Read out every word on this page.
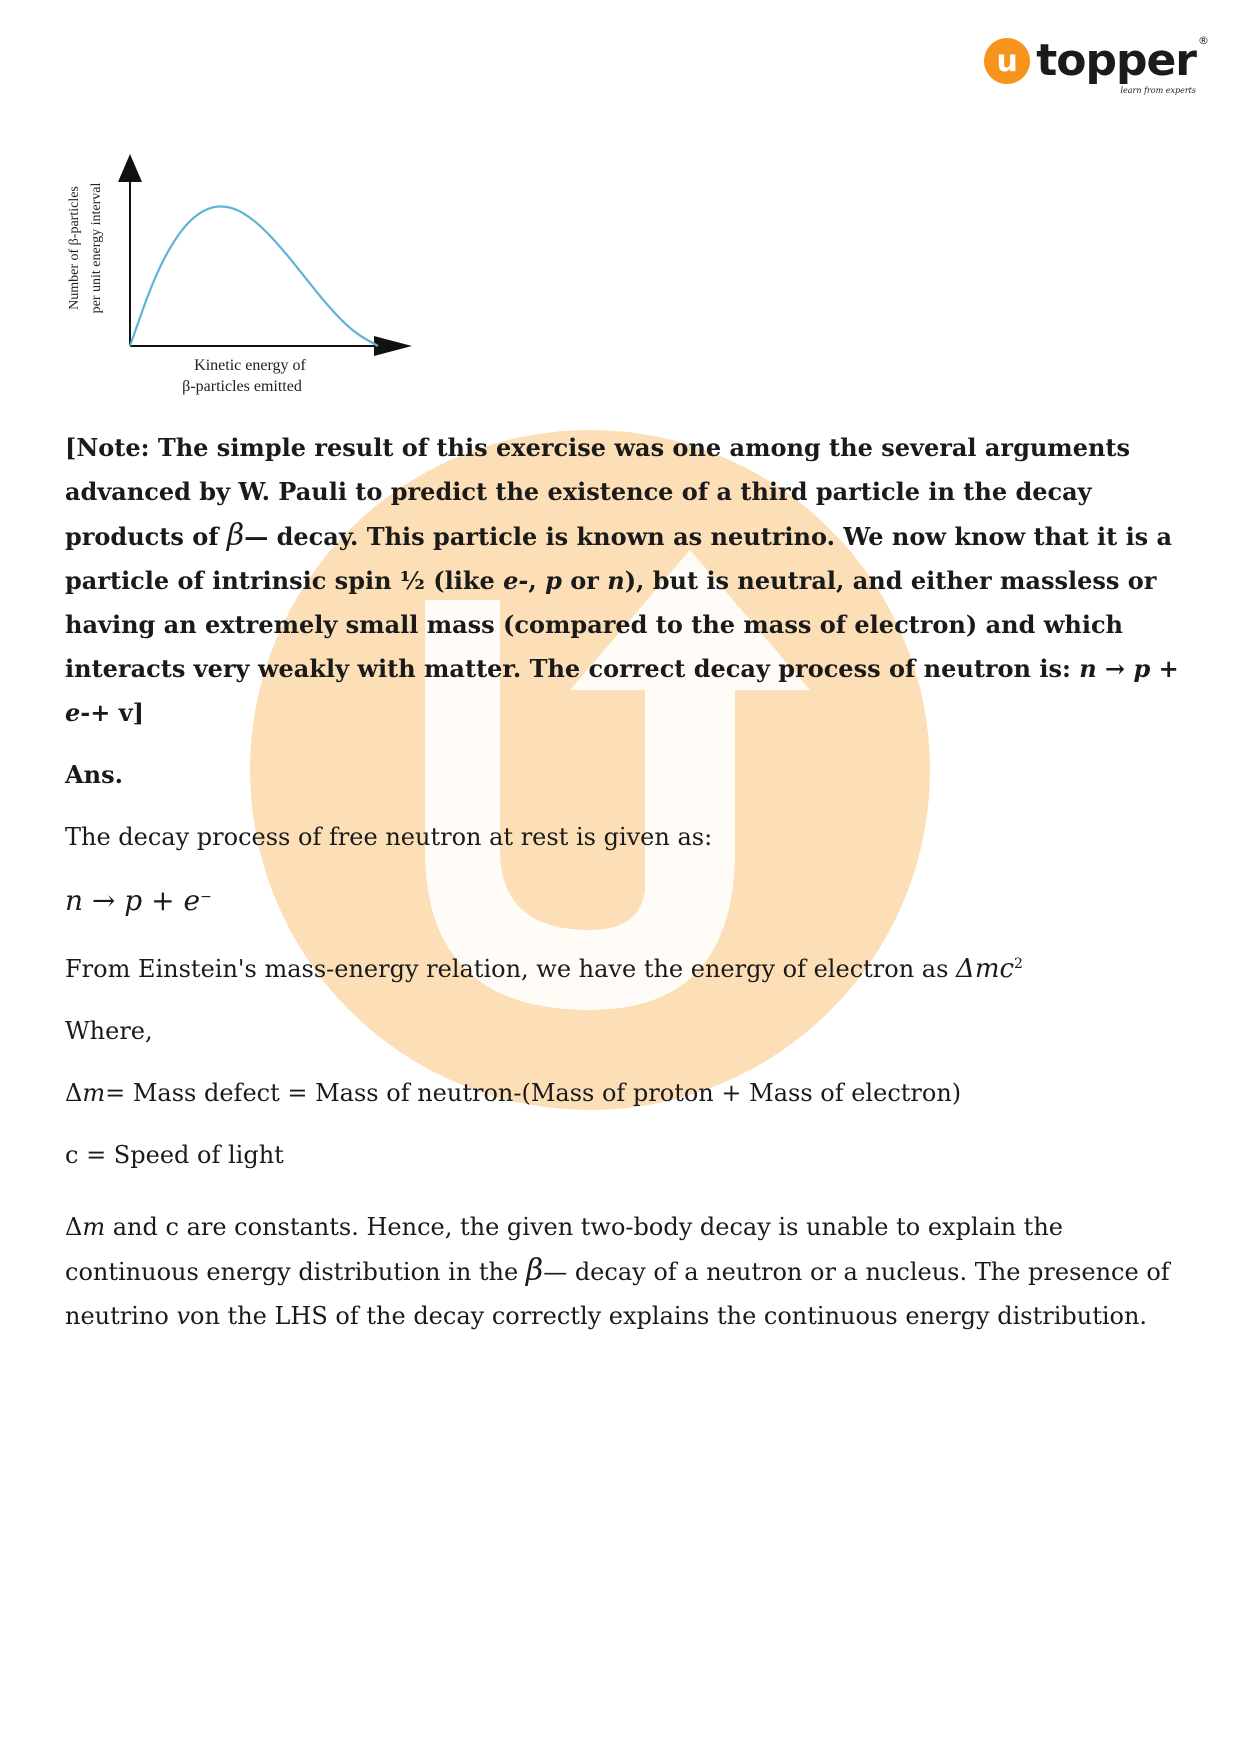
u topper ®
learn from experts
Number of β-particles per unit energy interval
Kinetic energy of
β-particles emitted

[Note: The simple result of this exercise was one among the several arguments advanced by W. Pauli to predict the existence of a third particle in the decay products of β— decay. This particle is known as neutrino. We now know that it is a particle of intrinsic spin ½ (like e-, p or n), but is neutral, and either massless or having an extremely small mass (compared to the mass of electron) and which interacts very weakly with matter. The correct decay process of neutron is: n → p + e-+ v]

Ans.

The decay process of free neutron at rest is given as:

n → p + e−

From Einstein's mass-energy relation, we have the energy of electron as Δmc$^2$

Where,

Δm= Mass defect = Mass of neutron-(Mass of proton + Mass of electron)

c = Speed of light

Δm and c are constants. Hence, the given two-body decay is unable to explain the continuous energy distribution in the β— decay of a neutron or a nucleus. The presence of neutrino von the LHS of the decay correctly explains the continuous energy distribution.
